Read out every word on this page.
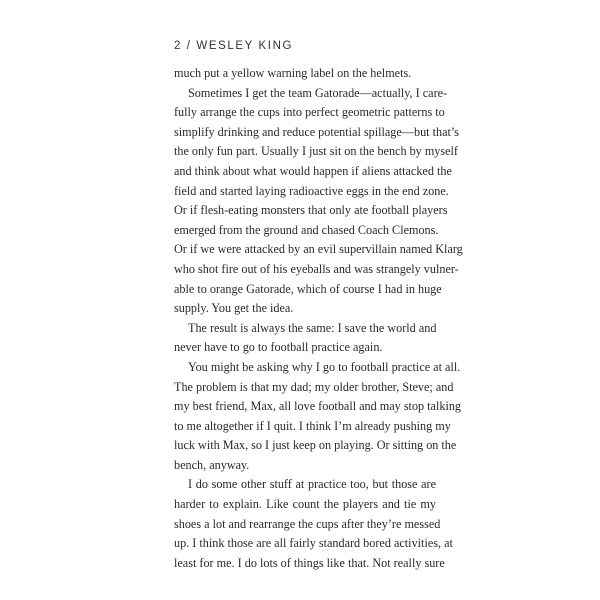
2 / WESLEY KING
much put a yellow warning label on the helmets.
Sometimes I get the team Gatorade—actually, I care-
fully arrange the cups into perfect geometric patterns to
simplify drinking and reduce potential spillage—but that’s
the only fun part. Usually I just sit on the bench by myself
and think about what would happen if aliens attacked the
field and started laying radioactive eggs in the end zone.
Or if flesh-eating monsters that only ate football players
emerged from the ground and chased Coach Clemons.
Or if we were attacked by an evil supervillain named Klarg
who shot fire out of his eyeballs and was strangely vulner-
able to orange Gatorade, which of course I had in huge
supply. You get the idea.
The result is always the same: I save the world and
never have to go to football practice again.
You might be asking why I go to football practice at all.
The problem is that my dad; my older brother, Steve; and
my best friend, Max, all love football and may stop talking
to me altogether if I quit. I think I’m already pushing my
luck with Max, so I just keep on playing. Or sitting on the
bench, anyway.
I do some other stuff at practice too, but those are
harder to explain. Like count the players and tie my
shoes a lot and rearrange the cups after they’re messed
up. I think those are all fairly standard bored activities, at
least for me. I do lots of things like that. Not really sure
